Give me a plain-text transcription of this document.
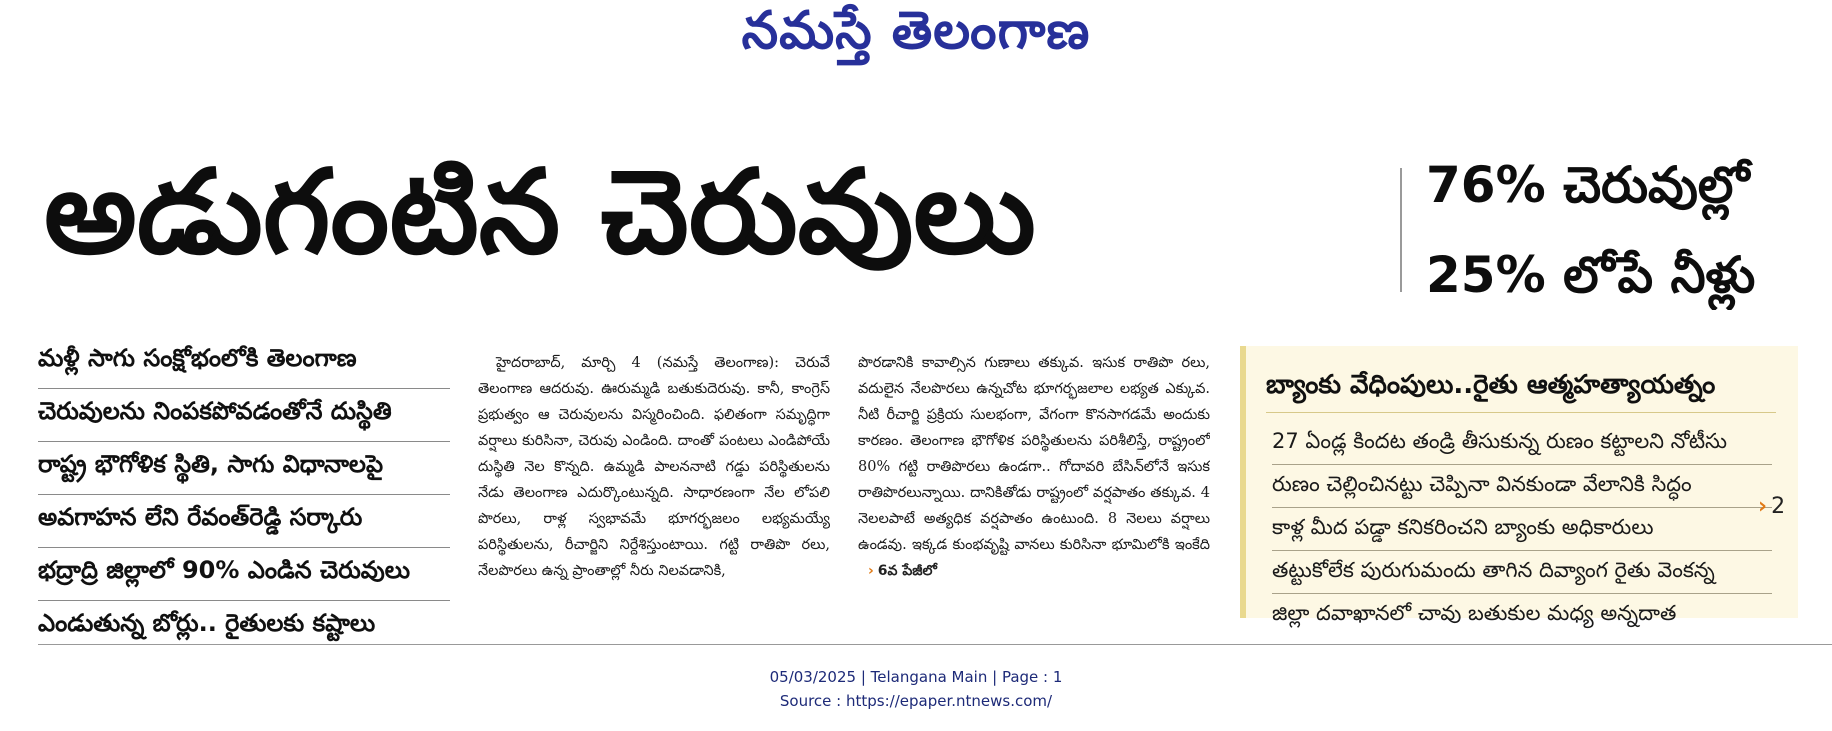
నమస్తే తెలంగాణ
అడుగంటిన చెరువులు	76% చెరువుల్లో
25% లోపే నీళ్లు
మళ్లీ సాగు సంక్షోభంలోకి తెలంగాణ
చెరువులను నింపకపోవడంతోనే దుస్థితి
రాష్ట్ర భౌగోళిక స్థితి, సాగు విధానాలపై
అవగాహన లేని రేవంత్‌రెడ్డి సర్కారు
భద్రాద్రి జిల్లాలో 90% ఎండిన చెరువులు
ఎండుతున్న బోర్లు.. రైతులకు కష్టాలు
హైదరాబాద్, మార్చి 4 (నమస్తే తెలంగాణ): చెరువే తెలంగాణ ఆదరువు. ఊరుమ్మడి బతుకుదెరువు. కానీ, కాంగ్రెస్ ప్రభుత్వం ఆ చెరువులను విస్మరించింది. ఫలితంగా సమృద్ధిగా వర్షాలు కురిసినా, చెరువు ఎండింది. దాంతో పంటలు ఎండిపోయే దుస్థితి నెల కొన్నది. ఉమ్మడి పాలననాటి గడ్డు పరిస్థితులను నేడు తెలంగాణ ఎదుర్కొంటున్నది. సాధారణంగా నేల లోపలి పొరలు, రాళ్ల స్వభావమే భూగర్భజలం లభ్యమయ్యే పరిస్థితులను, రీచార్జిని నిర్దేశిస్తుంటాయి. గట్టి రాతిపొ రలు, నేలపొరలు ఉన్న ప్రాంతాల్లో నీరు నిలవడానికి,
పొరడానికి కావాల్సిన గుణాలు తక్కువ. ఇసుక రాతిపొ రలు, వదులైన నేలపొరలు ఉన్నచోట భూగర్భజలాల లభ్యత ఎక్కువ. నీటి రీచార్జి ప్రక్రియ సులభంగా, వేగంగా కొనసాగడమే అందుకు కారణం. తెలంగాణ భౌగోళిక పరిస్థితులను పరిశీలిస్తే, రాష్ట్రంలో 80% గట్టి రాతిపొరలు ఉండగా.. గోదావరి బేసిన్‌లోనే ఇసుక రాతిపొరలున్నాయి. దానికితోడు రాష్ట్రంలో వర్షపాతం తక్కువ. 4 నెలలపాటే అత్యధిక వర్షపాతం ఉంటుంది. 8 నెలలు వర్షాలు ఉండవు. ఇక్కడ కుంభవృష్టి వానలు కురిసినా భూమిలోకి ఇంకేది › 6వ పేజీలో
బ్యాంకు వేధింపులు..రైతు ఆత్మహత్యాయత్నం
27 ఏండ్ల కిందట తండ్రి తీసుకున్న రుణం కట్టాలని నోటీసు
రుణం చెల్లించినట్టు చెప్పినా వినకుండా వేలానికి సిద్ధం
కాళ్ల మీద పడ్డా కనికరించని బ్యాంకు అధికారులు
తట్టుకోలేక పురుగుమందు తాగిన దివ్యాంగ రైతు వెంకన్న
జిల్లా దవాఖానలో చావు బతుకుల మధ్య అన్నదాత
› 2
05/03/2025 | Telangana Main | Page : 1
Source : https://epaper.ntnews.com/
